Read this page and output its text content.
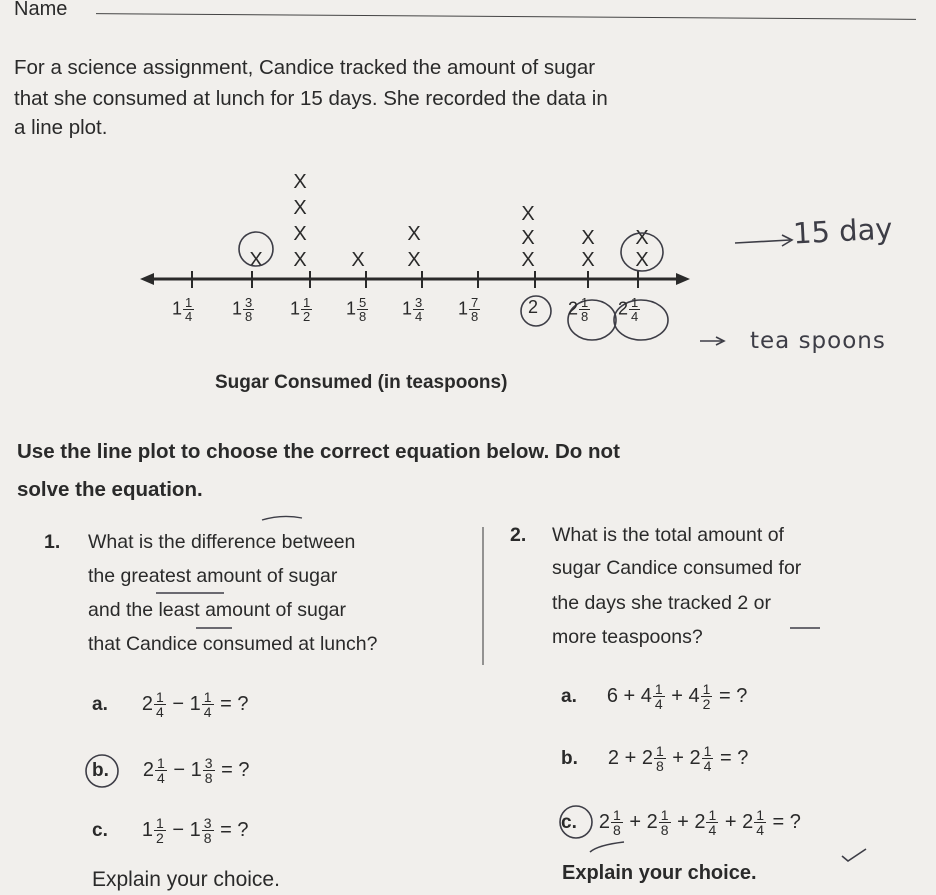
Name
For a science assignment, Candice tracked the amount of sugar
that she consumed at lunch for 15 days. She recorded the data in
a line plot.
X X
X
X
X
X X
X
X
X
X
X
X
X
X
$1 \frac{1}{4} 1 \frac{3}{8} 1 \frac{1}{2} 1 \frac{5}{8} 1 \frac{3}{4} 1 \frac{7}{8}$	2 $2 \frac{1}{8} 2 \frac{1}{4}$
15 day
tea spoons
Sugar Consumed (in teaspoons)
Use the line plot to choose the correct equation below. Do not
solve the equation.
1. What is the difference between
the greatest amount of sugar
and the least amount of sugar
that Candice consumed at lunch?
a. $2 \frac{1}{4} - 1 \frac{1}{4}$ = ?
b. $2 \frac{1}{4} - 1 \frac{3}{8}$ = ?
c. $1 \frac{1}{2} - 1 \frac{3}{8}$ = ?
Explain your choice.
2. What is the total amount of
sugar Candice consumed for
the days she tracked 2 or
more teaspoons?
a. $6 + 4 \frac{1}{4} + 4 \frac{1}{2}$ = ?
b. $2 + 2 \frac{1}{8} + 2 \frac{1}{4}$ = ?
c. $2 \frac{1}{8} + 2 \frac{1}{8} + 2 \frac{1}{4} + 2 \frac{1}{4}$ = ?
Explain your choice.
